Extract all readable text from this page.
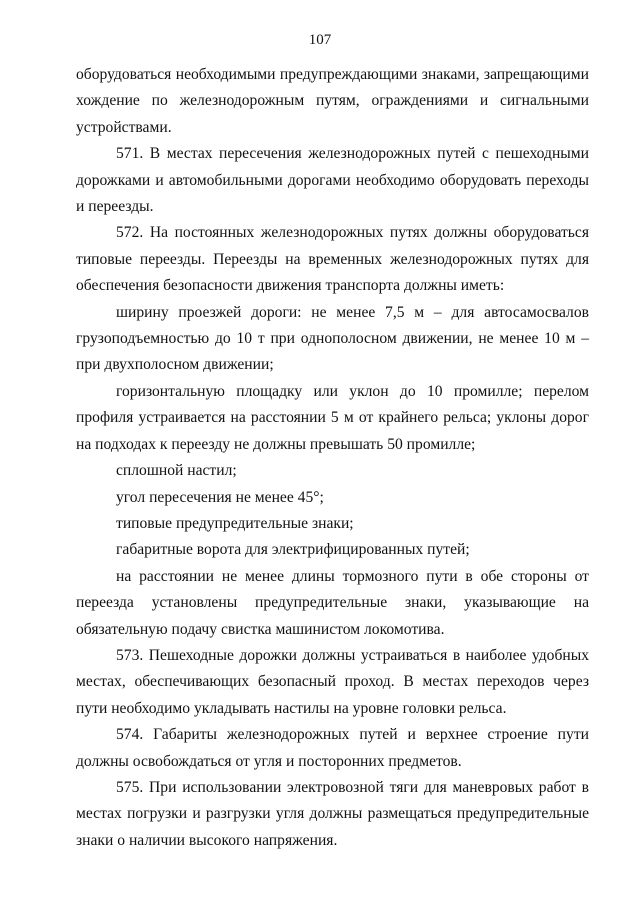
107

оборудоваться необходимыми предупреждающими знаками, запрещающими хождение по железнодорожным путям, ограждениями и сигнальными устройствами.

571. В местах пересечения железнодорожных путей с пешеходными дорожками и автомобильными дорогами необходимо оборудовать переходы и переезды.

572. На постоянных железнодорожных путях должны оборудоваться типовые переезды. Переезды на временных железнодорожных путях для обеспечения безопасности движения транспорта должны иметь:

ширину проезжей дороги: не менее 7,5 м – для автосамосвалов грузоподъемностью до 10 т при однополосном движении, не менее 10 м – при двухполосном движении;

горизонтальную площадку или уклон до 10 промилле; перелом профиля устраивается на расстоянии 5 м от крайнего рельса; уклоны дорог на подходах к переезду не должны превышать 50 промилле;

сплошной настил;

угол пересечения не менее 45°;

типовые предупредительные знаки;

габаритные ворота для электрифицированных путей;

на расстоянии не менее длины тормозного пути в обе стороны от переезда установлены предупредительные знаки, указывающие на обязательную подачу свистка машинистом локомотива.

573. Пешеходные дорожки должны устраиваться в наиболее удобных местах, обеспечивающих безопасный проход. В местах переходов через пути необходимо укладывать настилы на уровне головки рельса.

574. Габариты железнодорожных путей и верхнее строение пути должны освобождаться от угля и посторонних предметов.

575. При использовании электровозной тяги для маневровых работ в местах погрузки и разгрузки угля должны размещаться предупредительные знаки о наличии высокого напряжения.
